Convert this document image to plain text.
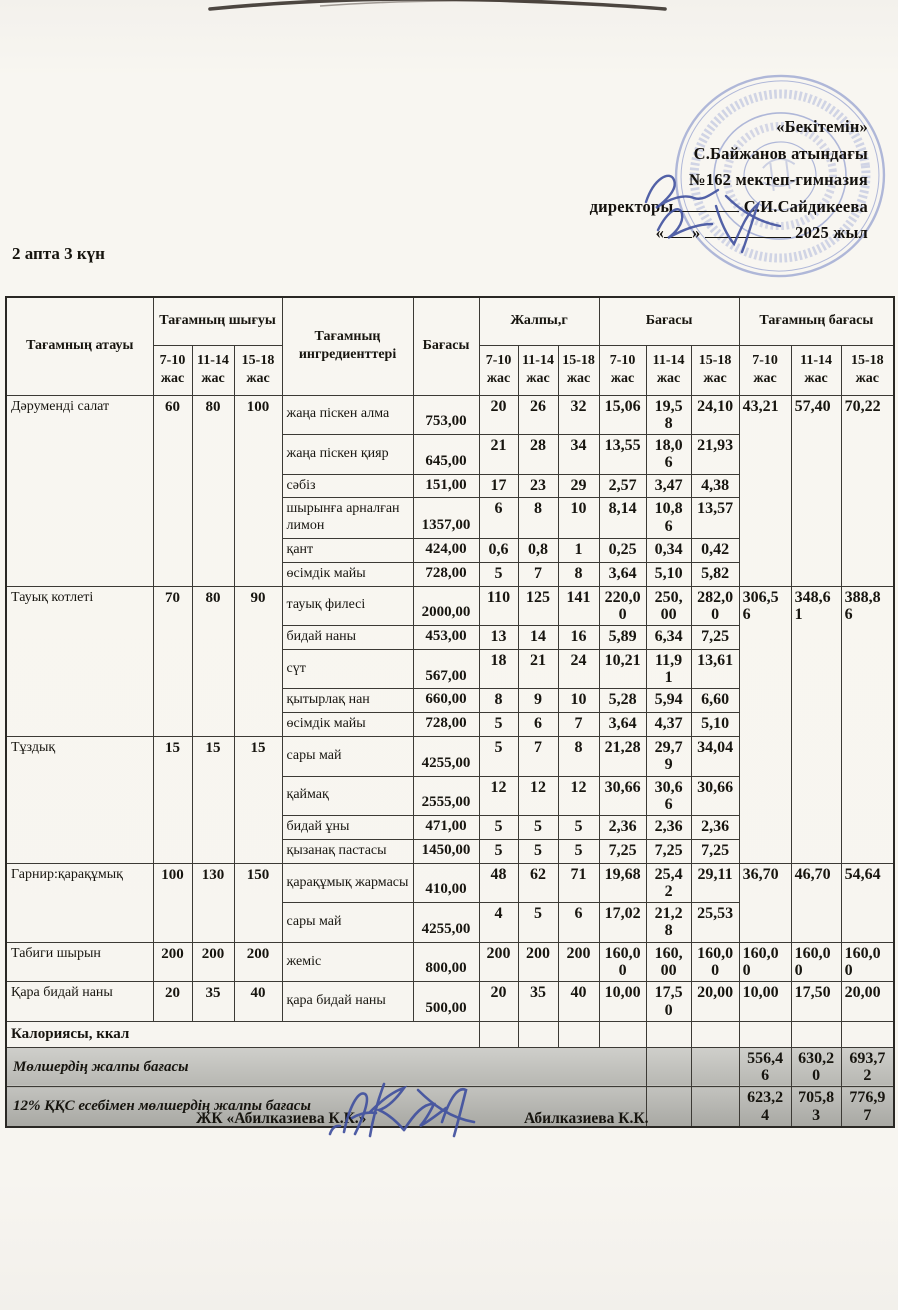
«Бекітемін»
С.Байжанов атындағы
№162 мектеп-гимназия
директоры	С.И.Сайдикеева
« »	2025 жыл
2 апта 3 күн
Тағамның атауы	Тағамның шығуы			Тағамның ингредиенттері	Бағасы	Жалпы,г			Бағасы			Тағамның бағасы		
	7-10 жас	11-14 жас	15-18 жас			7-10 жас	11-14 жас	15-18 жас	7-10 жас	11-14 жас	15-18 жас	7-10 жас	11-14 жас	15-18 жас
Дәруменді салат	60	80	100	жаңа піскен алма	753,00	20	26	32	15,06	19,58	24,10	43,21	57,40	70,22
				жаңа піскен қияр	645,00	21	28	34	13,55	18,06	21,93			
				сәбіз	151,00	17	23	29	2,57	3,47	4,38			
				шырынға арналған лимон	1357,00	6	8	10	8,14	10,86	13,57			
				қант	424,00	0,6	0,8	1	0,25	0,34	0,42			
				өсімдік майы	728,00	5	7	8	3,64	5,10	5,82			
Тауық котлеті	70	80	90	тауық филесі	2000,00	110	125	141	220,00	250,00	282,00	306,56	348,61	388,86
				бидай наны	453,00	13	14	16	5,89	6,34	7,25			
				сүт	567,00	18	21	24	10,21	11,91	13,61			
				қытырлақ нан	660,00	8	9	10	5,28	5,94	6,60			
				өсімдік майы	728,00	5	6	7	3,64	4,37	5,10			
Тұздық	15	15	15	сары май	4255,00	5	7	8	21,28	29,79	34,04			
				қаймақ	2555,00	12	12	12	30,66	30,66	30,66			
				бидай ұны	471,00	5	5	5	2,36	2,36	2,36			
				қызанақ пастасы	1450,00	5	5	5	7,25	7,25	7,25			
Гарнир:қарақұмық	100	130	150	қарақұмық жармасы	410,00	48	62	71	19,68	25,42	29,11	36,70	46,70	54,64
				сары май	4255,00	4	5	6	17,02	21,28	25,53			
Табиги шырын	200	200	200	жеміс	800,00	200	200	200	160,00	160,00	160,00	160,00	160,00	160,00
Қара бидай наны	20	35	40	қара бидай наны	500,00	20	35	40	10,00	17,50	20,00	10,00	17,50	20,00
Калориясы, ккал														
Мөлшердің жалпы бағасы												556,46	630,20	693,72
12% ҚҚС есебімен мөлшердің жалпы бағасы												623,24	705,83	776,97
ЖК «Абилказиева К.К.»	Абилказиева К.К.
